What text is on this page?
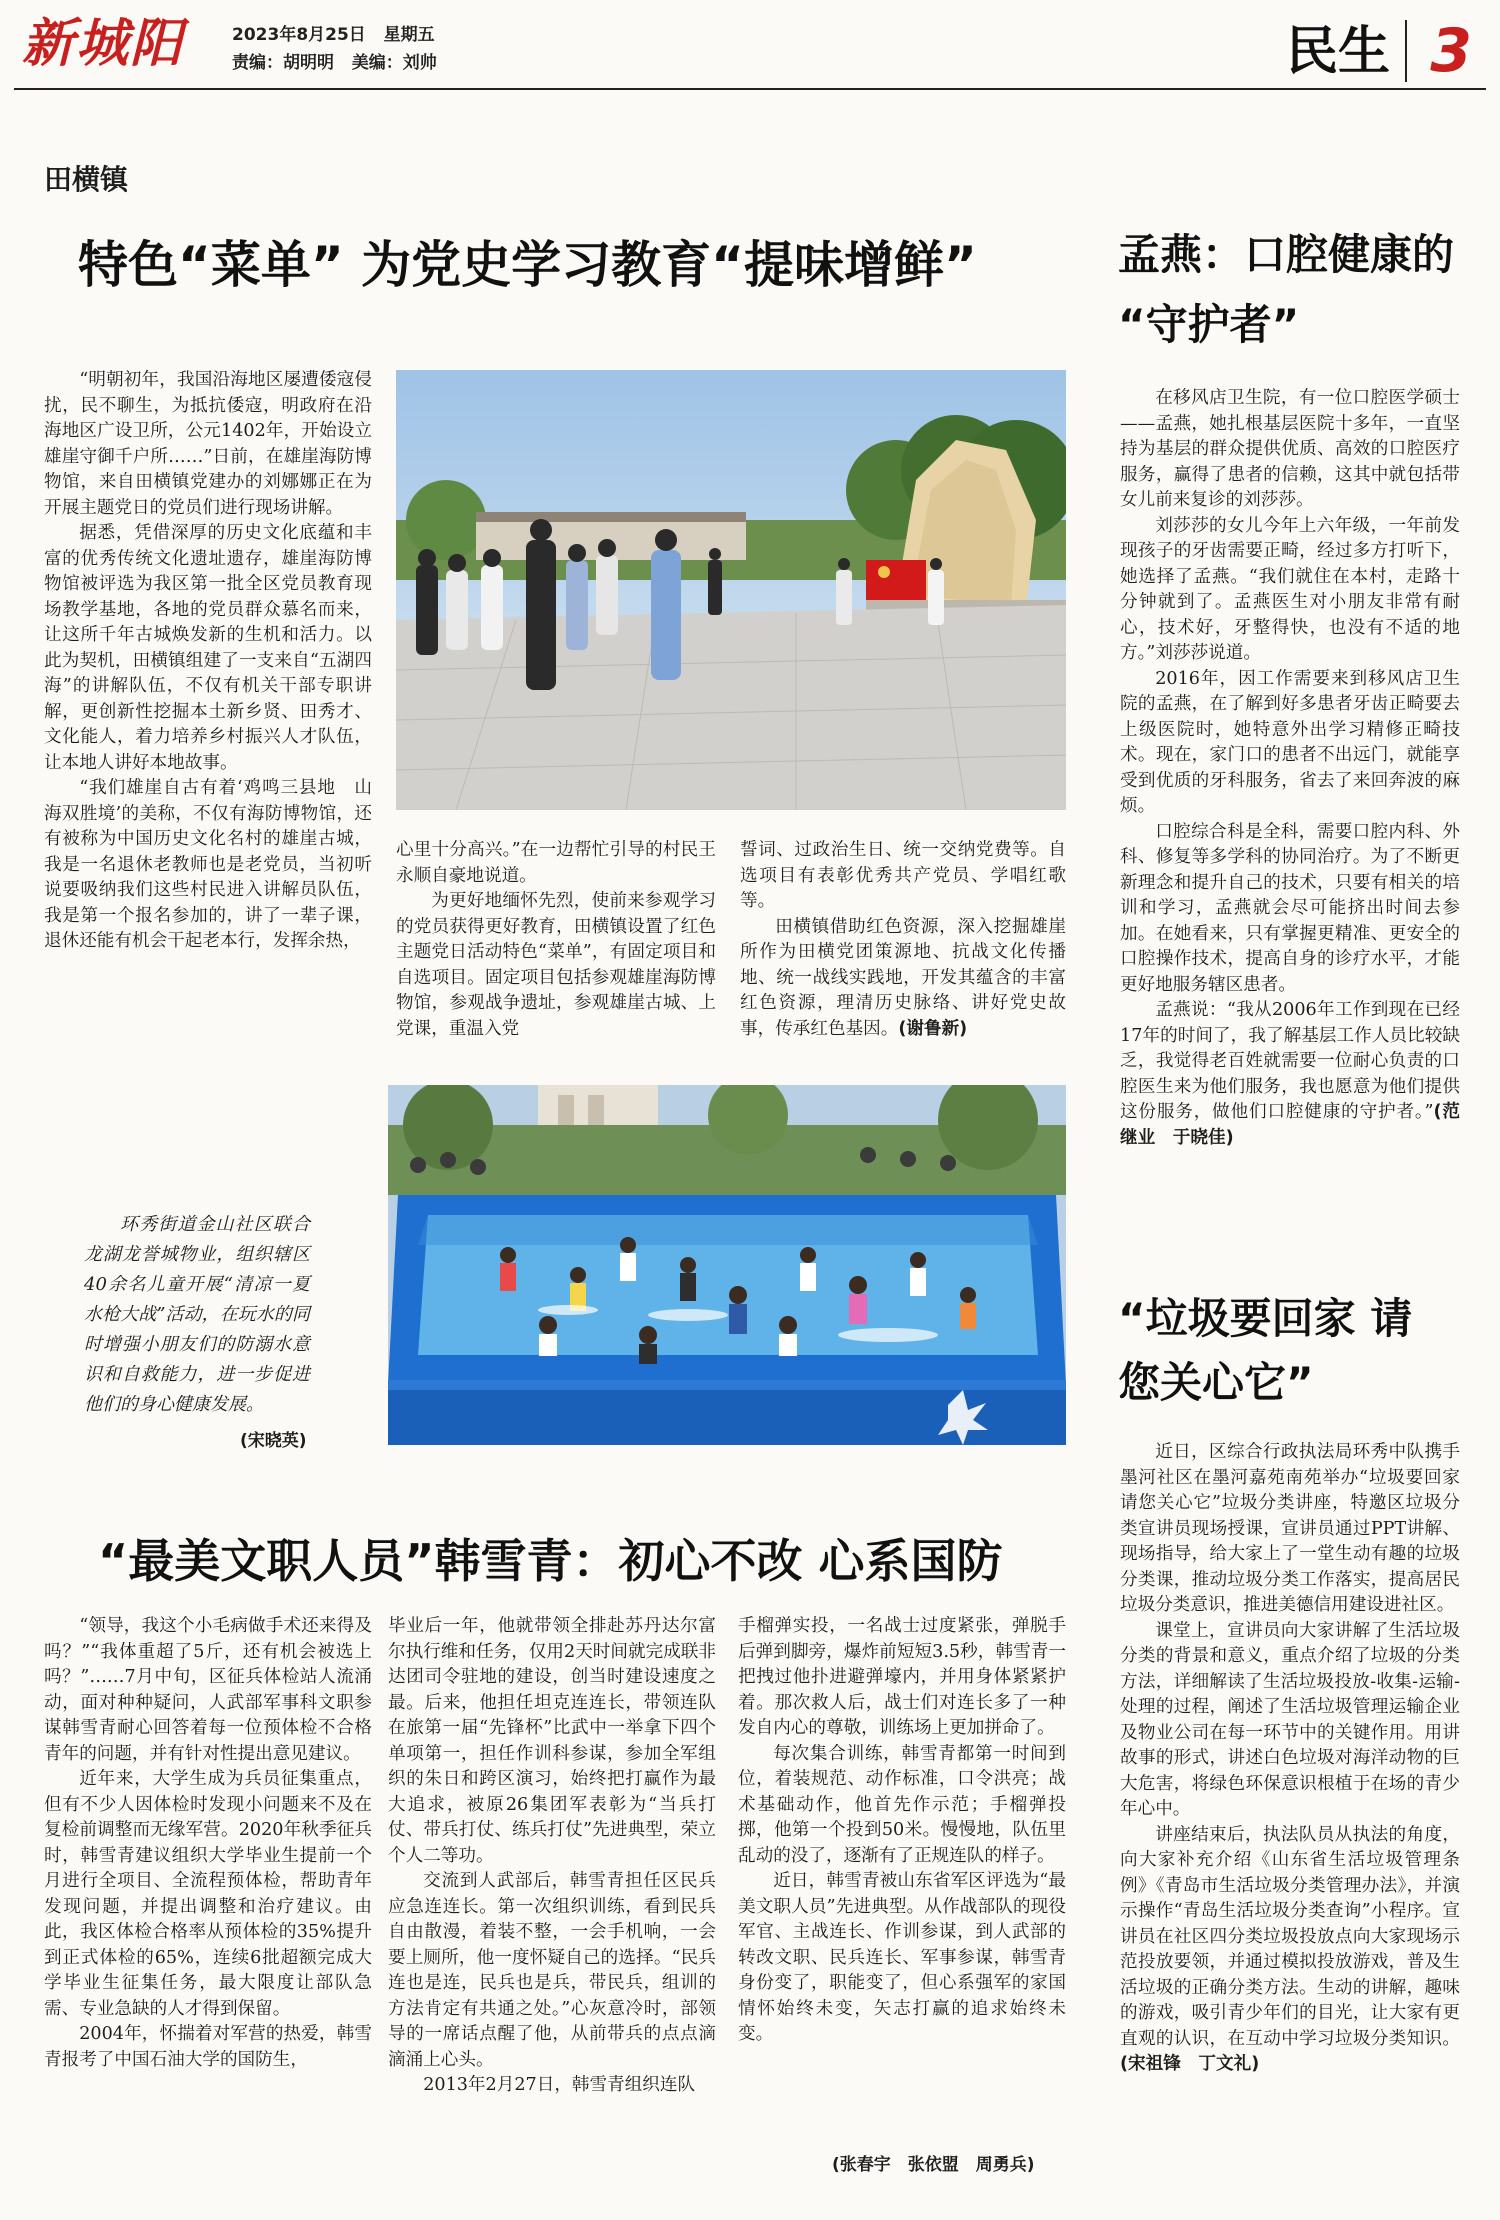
新城阳	2023年8月25日 星期五
责编：胡明明 美编：刘帅	民生 3
田横镇
特色“菜单” 为党史学习教育“提味增鲜”

“明朝初年，我国沿海地区屡遭倭寇侵扰，民不聊生，为抵抗倭寇，明政府在沿海地区广设卫所，公元1402年，开始设立雄崖守御千户所……”日前，在雄崖海防博物馆，来自田横镇党建办的刘娜娜正在为开展主题党日的党员们进行现场讲解。

据悉，凭借深厚的历史文化底蕴和丰富的优秀传统文化遗址遗存，雄崖海防博物馆被评选为我区第一批全区党员教育现场教学基地，各地的党员群众慕名而来，让这所千年古城焕发新的生机和活力。以此为契机，田横镇组建了一支来自“五湖四海”的讲解队伍，不仅有机关干部专职讲解，更创新性挖掘本土新乡贤、田秀才、文化能人，着力培养乡村振兴人才队伍，让本地人讲好本地故事。

“我们雄崖自古有着‘鸡鸣三县地　山海双胜境’的美称，不仅有海防博物馆，还有被称为中国历史文化名村的雄崖古城，我是一名退休老教师也是老党员，当初听说要吸纳我们这些村民进入讲解员队伍，我是第一个报名参加的，讲了一辈子课，退休还能有机会干起老本行，发挥余热，

心里十分高兴。”在一边帮忙引导的村民王永顺自豪地说道。

为更好地缅怀先烈，使前来参观学习的党员获得更好教育，田横镇设置了红色主题党日活动特色“菜单”，有固定项目和自选项目。固定项目包括参观雄崖海防博物馆，参观战争遗址，参观雄崖古城、上党课，重温入党

誓词、过政治生日、统一交纳党费等。自选项目有表彰优秀共产党员、学唱红歌等。

田横镇借助红色资源，深入挖掘雄崖所作为田横党团策源地、抗战文化传播地、统一战线实践地，开发其蕴含的丰富红色资源，理清历史脉络、讲好党史故事，传承红色基因。(谢鲁新)

环秀街道金山社区联合龙湖龙誉城物业，组织辖区40余名儿童开展“清凉一夏　水枪大战”活动，在玩水的同时增强小朋友们的防溺水意识和自救能力，进一步促进他们的身心健康发展。

(宋晓英)
“最美文职人员”韩雪青：初心不改 心系国防

“领导，我这个小毛病做手术还来得及吗？”“我体重超了5斤，还有机会被选上吗？”……7月中旬，区征兵体检站人流涌动，面对种种疑问，人武部军事科文职参谋韩雪青耐心回答着每一位预体检不合格青年的问题，并有针对性提出意见建议。

近年来，大学生成为兵员征集重点，但有不少人因体检时发现小问题来不及在复检前调整而无缘军营。2020年秋季征兵时，韩雪青建议组织大学毕业生提前一个月进行全项目、全流程预体检，帮助青年发现问题，并提出调整和治疗建议。由此，我区体检合格率从预体检的35%提升到正式体检的65%，连续6批超额完成大学毕业生征集任务，最大限度让部队急需、专业急缺的人才得到保留。

2004年，怀揣着对军营的热爱，韩雪青报考了中国石油大学的国防生，

毕业后一年，他就带领全排赴苏丹达尔富尔执行维和任务，仅用2天时间就完成联非达团司令驻地的建设，创当时建设速度之最。后来，他担任坦克连连长，带领连队在旅第一届“先锋杯”比武中一举拿下四个单项第一，担任作训科参谋，参加全军组织的朱日和跨区演习，始终把打赢作为最大追求，被原26集团军表彰为“当兵打仗、带兵打仗、练兵打仗”先进典型，荣立个人二等功。

交流到人武部后，韩雪青担任区民兵应急连连长。第一次组织训练，看到民兵自由散漫，着装不整，一会手机响，一会要上厕所，他一度怀疑自己的选择。“民兵连也是连，民兵也是兵，带民兵，组训的方法肯定有共通之处。”心灰意冷时，部领导的一席话点醒了他，从前带兵的点点滴滴涌上心头。

2013年2月27日，韩雪青组织连队

手榴弹实投，一名战士过度紧张，弹脱手后弹到脚旁，爆炸前短短3.5秒，韩雪青一把拽过他扑进避弹壕内，并用身体紧紧护着。那次救人后，战士们对连长多了一种发自内心的尊敬，训练场上更加拼命了。

每次集合训练，韩雪青都第一时间到位，着装规范、动作标准，口令洪亮；战术基础动作，他首先作示范；手榴弹投掷，他第一个投到50米。慢慢地，队伍里乱动的没了，逐渐有了正规连队的样子。

近日，韩雪青被山东省军区评选为“最美文职人员”先进典型。从作战部队的现役军官、主战连长、作训参谋，到人武部的转改文职、民兵连长、军事参谋，韩雪青身份变了，职能变了，但心系强军的家国情怀始终未变，矢志打赢的追求始终未变。

(张春宇　张依盟　周勇兵)
孟燕：口腔健康的
“守护者”

在移风店卫生院，有一位口腔医学硕士——孟燕，她扎根基层医院十多年，一直坚持为基层的群众提供优质、高效的口腔医疗服务，赢得了患者的信赖，这其中就包括带女儿前来复诊的刘莎莎。

刘莎莎的女儿今年上六年级，一年前发现孩子的牙齿需要正畸，经过多方打听下，她选择了孟燕。“我们就住在本村，走路十分钟就到了。孟燕医生对小朋友非常有耐心，技术好，牙整得快，也没有不适的地方。”刘莎莎说道。

2016年，因工作需要来到移风店卫生院的孟燕，在了解到好多患者牙齿正畸要去上级医院时，她特意外出学习精修正畸技术。现在，家门口的患者不出远门，就能享受到优质的牙科服务，省去了来回奔波的麻烦。

口腔综合科是全科，需要口腔内科、外科、修复等多学科的协同治疗。为了不断更新理念和提升自己的技术，只要有相关的培训和学习，孟燕就会尽可能挤出时间去参加。在她看来，只有掌握更精准、更安全的口腔操作技术，提高自身的诊疗水平，才能更好地服务辖区患者。

孟燕说：“我从2006年工作到现在已经17年的时间了，我了解基层工作人员比较缺乏，我觉得老百姓就需要一位耐心负责的口腔医生来为他们服务，我也愿意为他们提供这份服务，做他们口腔健康的守护者。”(范继业　于晓佳)

“垃圾要回家 请
您关心它”

近日，区综合行政执法局环秀中队携手墨河社区在墨河嘉苑南苑举办“垃圾要回家　请您关心它”垃圾分类讲座，特邀区垃圾分类宣讲员现场授课，宣讲员通过PPT讲解、现场指导，给大家上了一堂生动有趣的垃圾分类课，推动垃圾分类工作落实，提高居民垃圾分类意识，推进美德信用建设进社区。

课堂上，宣讲员向大家讲解了生活垃圾分类的背景和意义，重点介绍了垃圾的分类方法，详细解读了生活垃圾投放-收集-运输-处理的过程，阐述了生活垃圾管理运输企业及物业公司在每一环节中的关键作用。用讲故事的形式，讲述白色垃圾对海洋动物的巨大危害，将绿色环保意识根植于在场的青少年心中。

讲座结束后，执法队员从执法的角度，向大家补充介绍《山东省生活垃圾管理条例》《青岛市生活垃圾分类管理办法》，并演示操作“青岛生活垃圾分类查询”小程序。宣讲员在社区四分类垃圾投放点向大家现场示范投放要领，并通过模拟投放游戏，普及生活垃圾的正确分类方法。生动的讲解，趣味的游戏，吸引青少年们的目光，让大家有更直观的认识，在互动中学习垃圾分类知识。(宋祖锋　丁文礼)
